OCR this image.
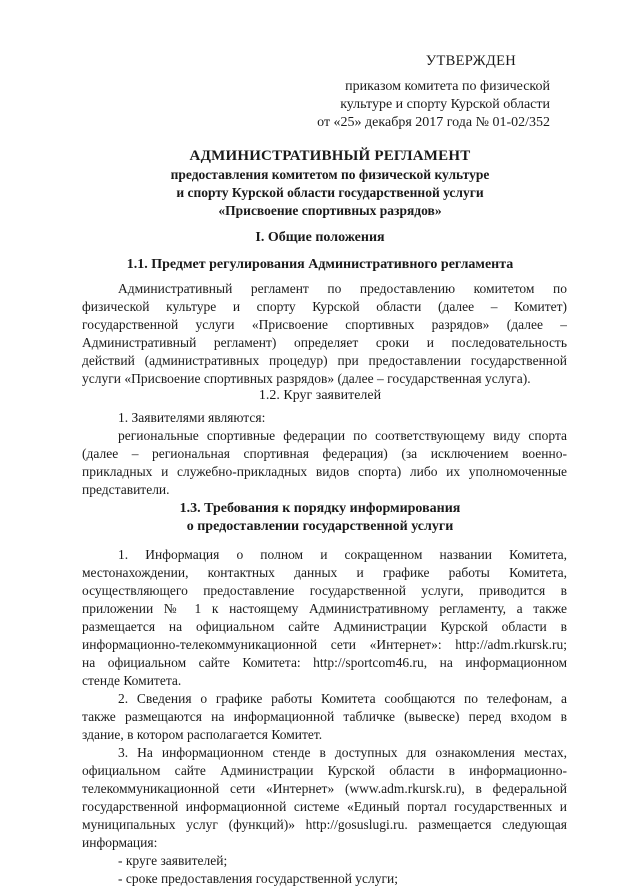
УТВЕРЖДЕН
приказом комитета по физической
культуре и спорту Курской области
от «25» декабря 2017 года № 01-02/352
АДМИНИСТРАТИВНЫЙ РЕГЛАМЕНТ
предоставления комитетом по физической культуре
и спорту Курской области государственной услуги
«Присвоение спортивных разрядов»
I. Общие положения
1.1. Предмет регулирования Административного регламента
Административный регламент по предоставлению комитетом по
физической культуре и спорту Курской области (далее – Комитет)
государственной услуги «Присвоение спортивных разрядов» (далее –
Административный регламент) определяет сроки и последовательность
действий (административных процедур) при предоставлении государственной
услуги «Присвоение спортивных разрядов» (далее – государственная услуга).
1.2. Круг заявителей
1. Заявителями являются:
региональные спортивные федерации по соответствующему виду спорта
(далее – региональная спортивная федерация) (за исключением военно-
прикладных и служебно-прикладных видов спорта) либо их уполномоченные
представители.
1.3. Требования к порядку информирования
о предоставлении государственной услуги
1. Информация о полном и сокращенном названии Комитета,
местонахождении, контактных данных и графике работы Комитета,
осуществляющего предоставление государственной услуги, приводится в
приложении № 1 к настоящему Административному регламенту, а также
размещается на официальном сайте Администрации Курской области в
информационно-телекоммуникационной сети «Интернет»: http://adm.rkursk.ru;
на официальном сайте Комитета: http://sportcom46.ru, на информационном
стенде Комитета.
2. Сведения о графике работы Комитета сообщаются по телефонам, а
также размещаются на информационной табличке (вывеске) перед входом в
здание, в котором располагается Комитет.
3. На информационном стенде в доступных для ознакомления местах,
официальном сайте Администрации Курской области в информационно-
телекоммуникационной сети «Интернет» (www.adm.rkursk.ru), в федеральной
государственной информационной системе «Единый портал государственных и
муниципальных услуг (функций)» http://gosuslugi.ru. размещается следующая
информация:
- круге заявителей;
- сроке предоставления государственной услуги;
